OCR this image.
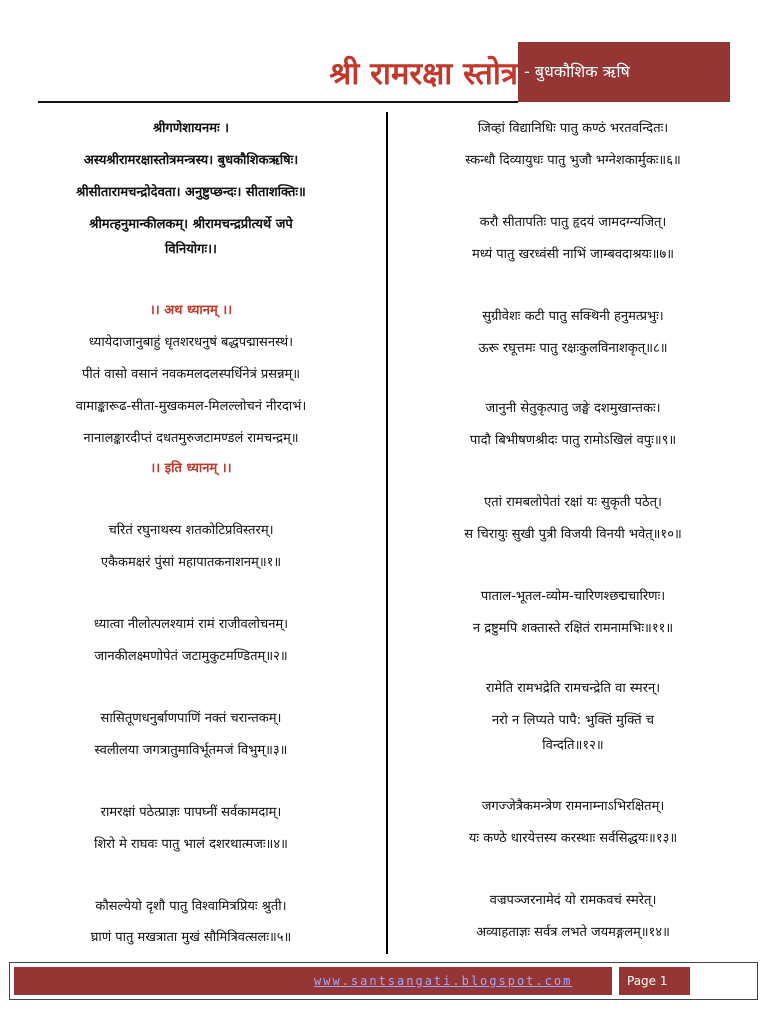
श्री रामरक्षा स्तोत्र - बुधकौशिक ऋषि
श्रीगणेशायनमः ।
अस्यश्रीरामरक्षास्तोत्रमन्त्रस्य। बुधकौशिकऋषिः।
श्रीसीतारामचन्द्रोदेवता। अनुष्टुप्छन्दः। सीताशक्तिः॥
श्रीमत्हनुमान्कीलकम्। श्रीरामचन्द्रप्रीत्यर्थे जपे
विनियोगः।।
।। अथ ध्यानम् ।।
ध्यायेदाजानुबाहुं धृतशरधनुषं बद्धपद्मासनस्थं।
पीतं वासो वसानं नवकमलदलस्पर्धिनेत्रं प्रसन्नम्॥
वामाङ्कारूढ-सीता-मुखकमल-मिलल्लोचनं नीरदाभं।
नानालङ्कारदीप्तं दधतमुरुजटामण्डलं रामचन्द्रम्॥
।। इति ध्यानम् ।।
चरितं रघुनाथस्य शतकोटिप्रविस्तरम्।
एकैकमक्षरं पुंसां महापातकनाशनम्॥१॥
ध्यात्वा नीलोत्पलश्यामं रामं राजीवलोचनम्।
जानकीलक्ष्मणोपेतं जटामुकुटमण्डितम्॥२॥
सासितूणधनुर्बाणपाणिं नक्तं चरान्तकम्।
स्वलीलया जगत्रातुमाविर्भूतमजं विभुम्॥३॥
रामरक्षां पठेत्प्राज्ञः पापघ्नीं सर्वकामदाम्।
शिरो मे राघवः पातु भालं दशरथात्मजः॥४॥
कौसल्येयो दृशौ पातु विश्वामित्रप्रियः श्रुती।
घ्राणं पातु मखत्राता मुखं सौमित्रिवत्सलः॥५॥
जिव्हां विद्यानिधिः पातु कण्ठं भरतवन्दितः।
स्कन्धौ दिव्यायुधः पातु भुजौ भग्नेशकार्मुकः॥६॥
करौ सीतापतिः पातु हृदयं जामदग्न्यजित्।
मध्यं पातु खरध्वंसी नाभिं जाम्बवदाश्रयः॥७॥
सुग्रीवेशः कटी पातु सक्थिनी हनुमत्प्रभुः।
ऊरू रघूत्तमः पातु रक्षःकुलविनाशकृत्॥८॥
जानुनी सेतुकृत्पातु जङ्घे दशमुखान्तकः।
पादौ बिभीषणश्रीदः पातु रामोऽखिलं वपुः॥९॥
एतां रामबलोपेतां रक्षां यः सुकृती पठेत्।
स चिरायुः सुखी पुत्री विजयी विनयी भवेत्॥१०॥
पाताल-भूतल-व्योम-चारिणश्छद्मचारिणः।
न द्रष्टुमपि शक्तास्ते रक्षितं रामनामभिः॥११॥
रामेति रामभद्रेति रामचन्द्रेति वा स्मरन्।
नरो न लिप्यते पापै: भुक्तिं मुक्तिं च
विन्दति॥१२॥
जगज्जेत्रैकमन्त्रेण रामनाम्नाऽभिरक्षितम्।
यः कण्ठे धारयेत्तस्य करस्थाः सर्वसिद्धयः॥१३॥
वज्रपञ्जरनामेदं यो रामकवचं स्मरेत्।
अव्याहताज्ञः सर्वत्र लभते जयमङ्गलम्॥१४॥
www.santsangati.blogspot.com	Page 1
